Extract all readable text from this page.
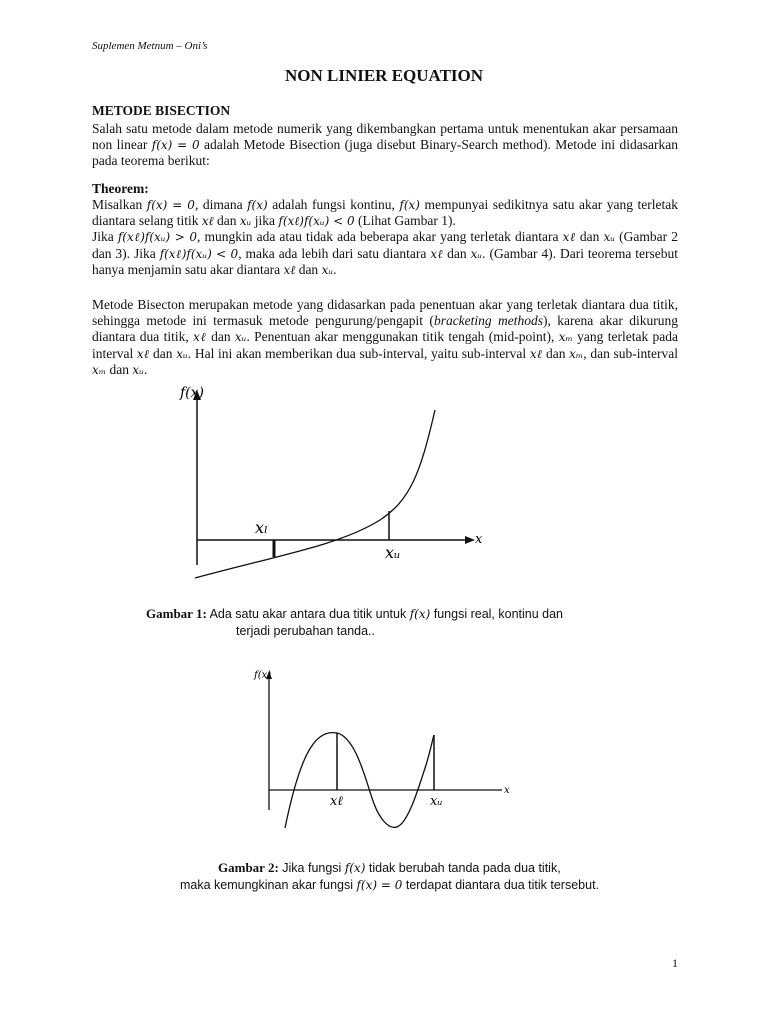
Suplemen Metnum – Oni’s
NON LINIER EQUATION
METODE BISECTION
Salah satu metode dalam metode numerik yang dikembangkan pertama untuk menentukan akar persamaan non linear f(x) = 0 adalah Metode Bisection (juga disebut Binary-Search method). Metode ini didasarkan pada teorema berikut:
Theorem:
Misalkan f(x) = 0, dimana f(x) adalah fungsi kontinu, f(x) mempunyai sedikitnya satu akar yang terletak diantara selang titik xℓ dan xᵤ jika f(xℓ)f(xᵤ) < 0 (Lihat Gambar 1).
Jika f(xℓ)f(xᵤ) > 0, mungkin ada atau tidak ada beberapa akar yang terletak diantara xℓ dan xᵤ (Gambar 2 dan 3). Jika f(xℓ)f(xᵤ) < 0, maka ada lebih dari satu diantara xℓ dan xᵤ. (Gambar 4). Dari teorema tersebut hanya menjamin satu akar diantara xℓ dan xᵤ.
Metode Bisecton merupakan metode yang didasarkan pada penentuan akar yang terletak diantara dua titik, sehingga metode ini termasuk metode pengurung/pengapit (bracketing methods), karena akar dikurung diantara dua titik, xℓ dan xᵤ. Penentuan akar menggunakan titik tengah (mid-point), xₘ yang terletak pada interval xℓ dan xᵤ. Hal ini akan memberikan dua sub-interval, yaitu sub-interval xℓ dan xₘ, dan sub-interval xₘ dan xᵤ.
f(x)
x
xₗ
xᵤ
Gambar 1: Ada satu akar antara dua titik untuk f(x) fungsi real, kontinu dan
terjadi perubahan tanda..
f(x)
x
xℓ	xᵤ
Gambar 2: Jika fungsi f(x) tidak berubah tanda pada dua titik,
maka kemungkinan akar fungsi f(x) = 0 terdapat diantara dua titik tersebut.
1
